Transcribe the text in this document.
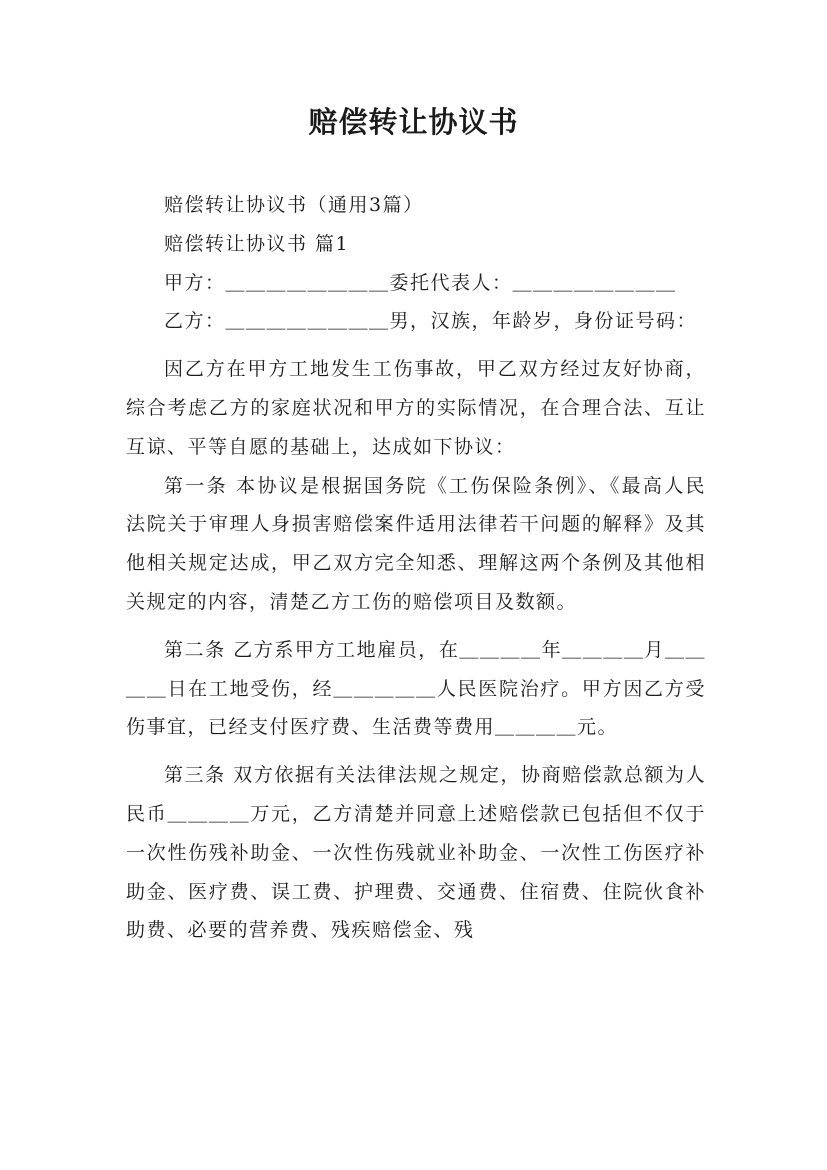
赔偿转让协议书

赔偿转让协议书（通用3篇）

赔偿转让协议书 篇1

甲方：＿＿＿＿＿＿＿＿委托代表人：＿＿＿＿＿＿＿＿

乙方：＿＿＿＿＿＿＿＿男，汉族，年龄岁，身份证号码：

因乙方在甲方工地发生工伤事故，甲乙双方经过友好协商，综合考虑乙方的家庭状况和甲方的实际情况，在合理合法、互让互谅、平等自愿的基础上，达成如下协议：

第一条 本协议是根据国务院《工伤保险条例》、《最高人民法院关于审理人身损害赔偿案件适用法律若干问题的解释》及其他相关规定达成，甲乙双方完全知悉、理解这两个条例及其他相关规定的内容，清楚乙方工伤的赔偿项目及数额。

第二条 乙方系甲方工地雇员，在＿＿＿＿年＿＿＿＿月＿＿＿＿日在工地受伤，经＿＿＿＿＿人民医院治疗。甲方因乙方受伤事宜，已经支付医疗费、生活费等费用＿＿＿＿元。

第三条 双方依据有关法律法规之规定，协商赔偿款总额为人民币＿＿＿＿万元，乙方清楚并同意上述赔偿款已包括但不仅于一次性伤残补助金、一次性伤残就业补助金、一次性工伤医疗补助金、医疗费、误工费、护理费、交通费、住宿费、住院伙食补助费、必要的营养费、残疾赔偿金、残
